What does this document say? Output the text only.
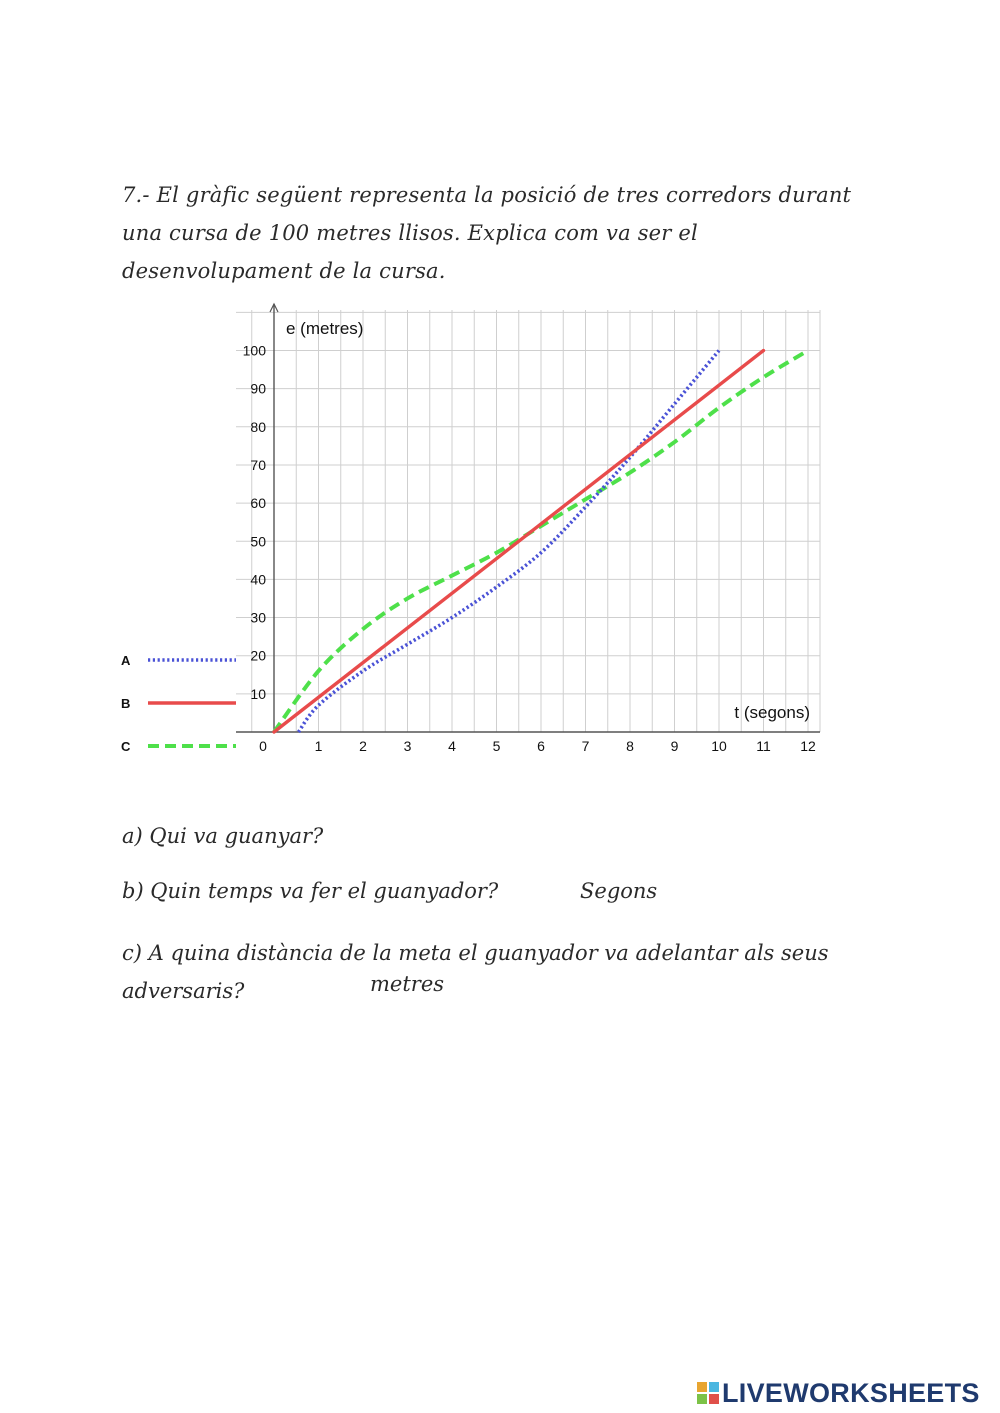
7.- El gràfic següent representa la posició de tres corredors durant una cursa de 100 metres llisos. Explica com va ser el desenvolupament de la cursa.
0	1	2	3	4	5	6	7	8	9 10 11 12
10
20
30
40
50
60
70
80
90
100
e (metres)
t (segons)
A
B
C
a) Qui va guanyar?
b) Quin temps va fer el guanyador?	Segons
c) A quina distància de la meta el guanyador va adelantar als seus adversaris?	metres
LIVEWORKSHEETS
